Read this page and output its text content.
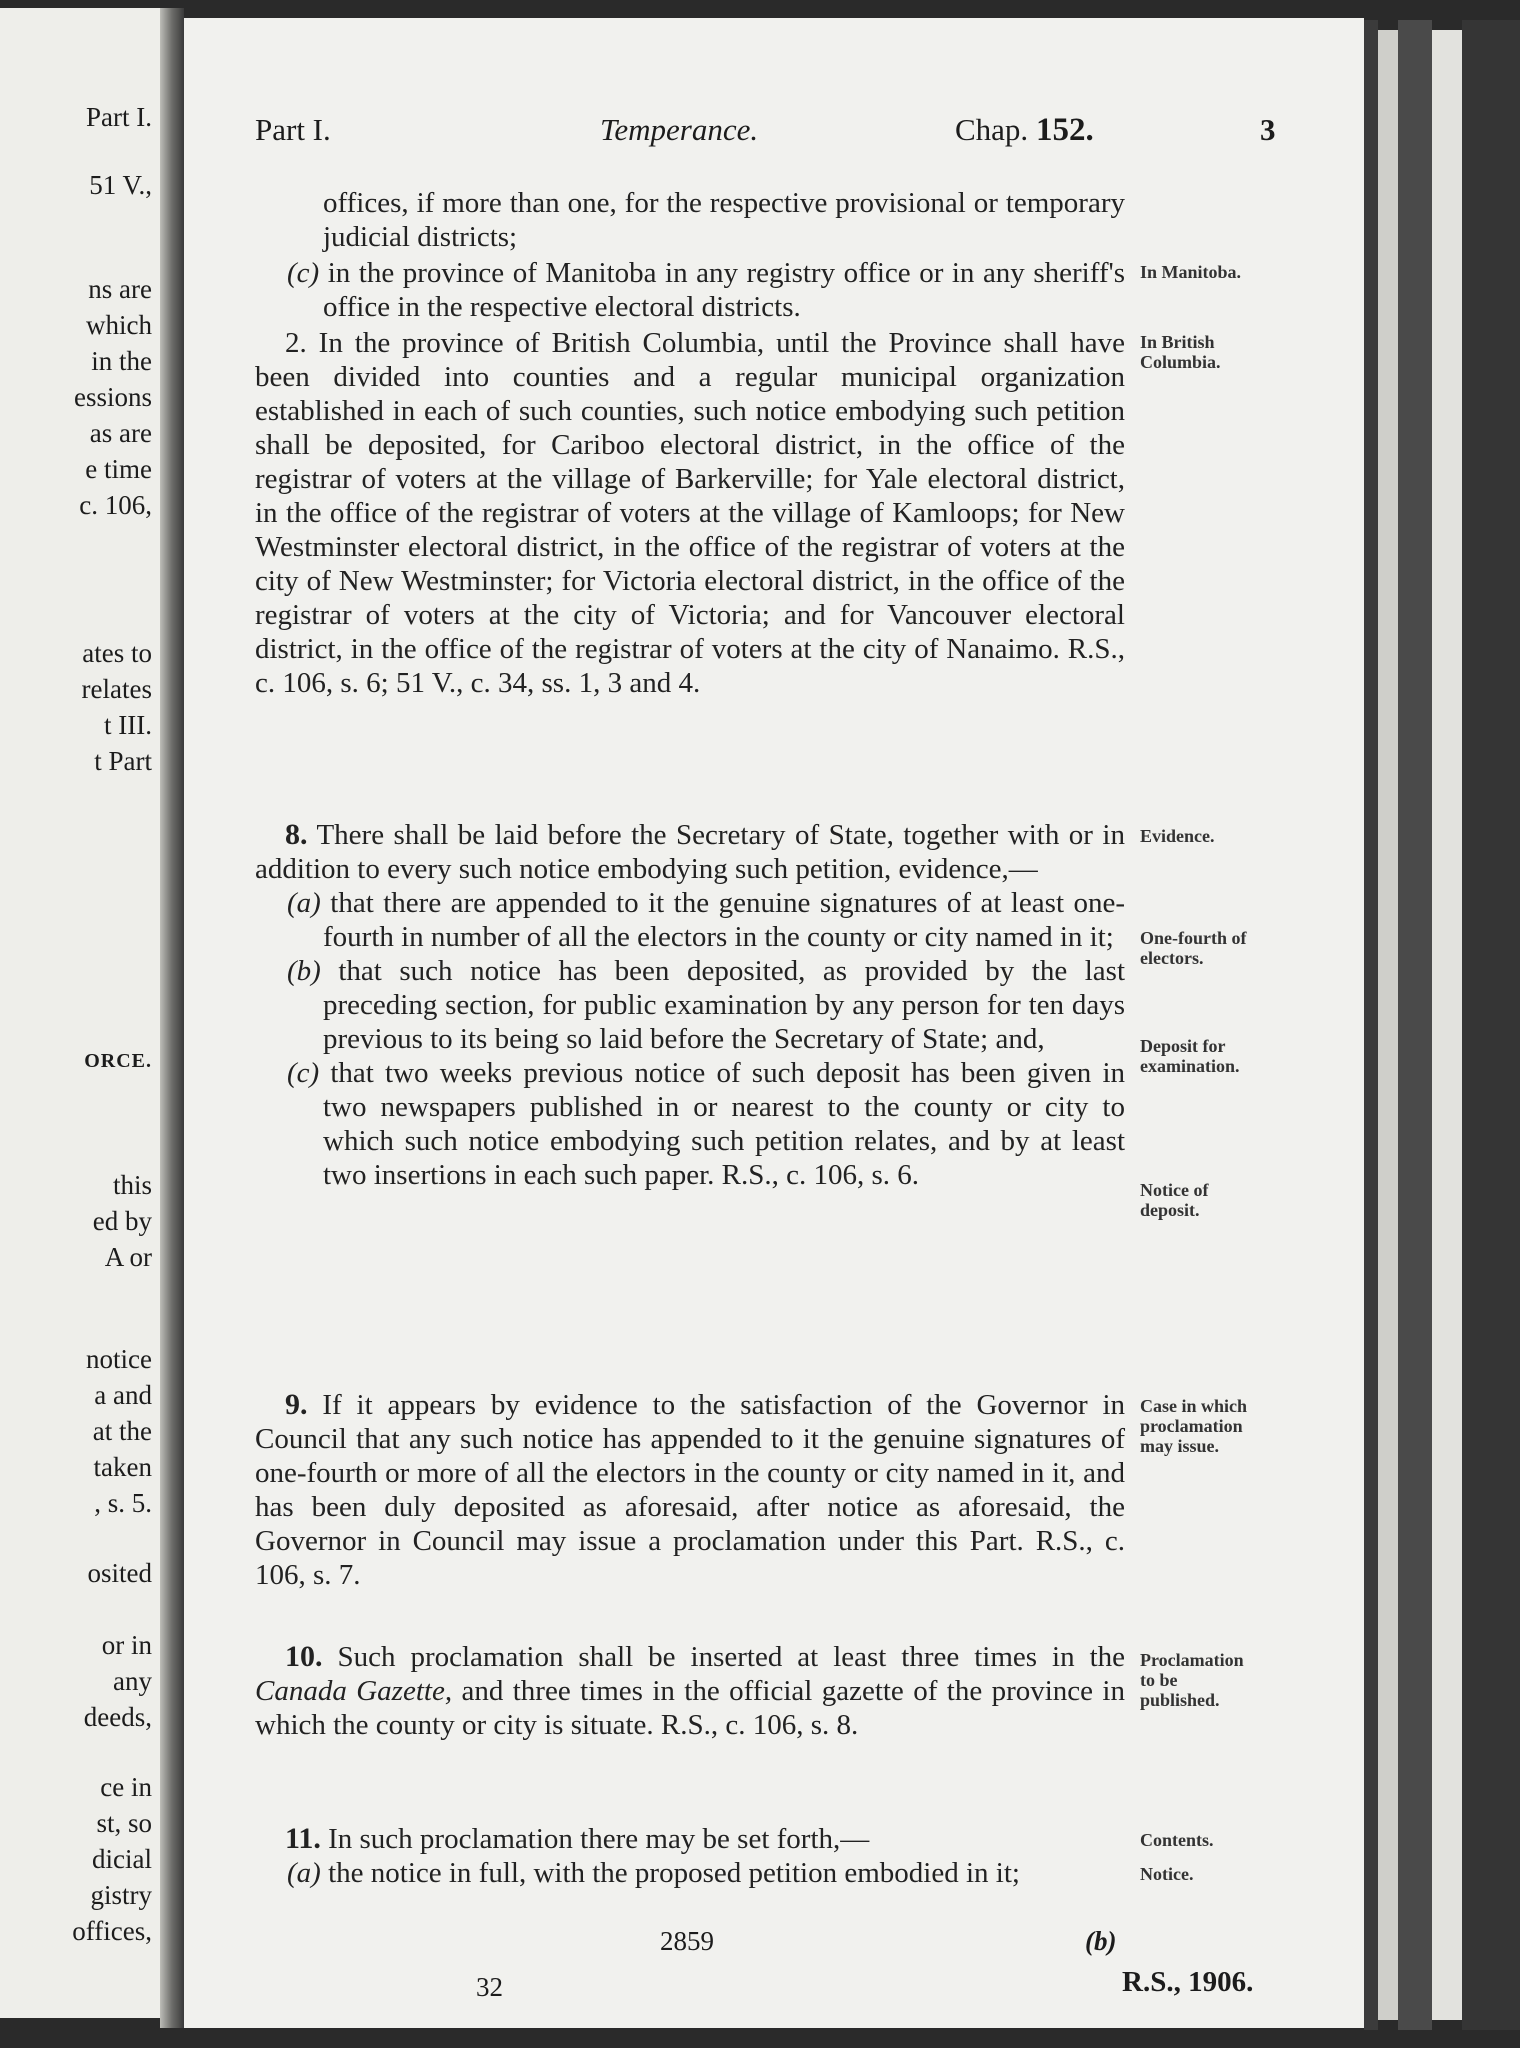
Part I.
51 V.,
ns are
which
in the
essions
as are
e time
c. 106,
ates to
relates
t III.
t Part
ORCE.
this
ed by
A or
notice
a and
at the
taken
, s. 5.
osited
or in
any
deeds,
ce in
st, so
dicial
gistry
offices,
Part I.	Temperance.	Chap. 152.	3
offices, if more than one, for the respective provisional or temporary judicial districts;
(c) in the province of Manitoba in any registry office or in any sheriff's office in the respective electoral districts.
2. In the province of British Columbia, until the Province shall have been divided into counties and a regular municipal organization established in each of such counties, such notice embodying such petition shall be deposited, for Cariboo electoral district, in the office of the registrar of voters at the village of Barkerville; for Yale electoral district, in the office of the registrar of voters at the village of Kamloops; for New Westminster electoral district, in the office of the registrar of voters at the city of New Westminster; for Victoria electoral district, in the office of the registrar of voters at the city of Victoria; and for Vancouver electoral district, in the office of the registrar of voters at the city of Nanaimo. R.S., c. 106, s. 6; 51 V., c. 34, ss. 1, 3 and 4.
8. There shall be laid before the Secretary of State, together with or in addition to every such notice embodying such petition, evidence,—
(a) that there are appended to it the genuine signatures of at least one-fourth in number of all the electors in the county or city named in it;
(b) that such notice has been deposited, as provided by the last preceding section, for public examination by any person for ten days previous to its being so laid before the Secretary of State; and,
(c) that two weeks previous notice of such deposit has been given in two newspapers published in or nearest to the county or city to which such notice embodying such petition relates, and by at least two insertions in each such paper. R.S., c. 106, s. 6.
9. If it appears by evidence to the satisfaction of the Governor in Council that any such notice has appended to it the genuine signatures of one-fourth or more of all the electors in the county or city named in it, and has been duly deposited as aforesaid, after notice as aforesaid, the Governor in Council may issue a proclamation under this Part. R.S., c. 106, s. 7.
10. Such proclamation shall be inserted at least three times in the Canada Gazette, and three times in the official gazette of the province in which the county or city is situate. R.S., c. 106, s. 8.
11. In such proclamation there may be set forth,—
(a) the notice in full, with the proposed petition embodied in it;
In Manitoba.
In British Columbia.
Evidence.
One-fourth of electors.
Deposit for examination.
Notice of deposit.
Case in which proclamation may issue.
Proclamation to be published.
Contents.
Notice.
2859	(b)
32	R.S., 1906.
